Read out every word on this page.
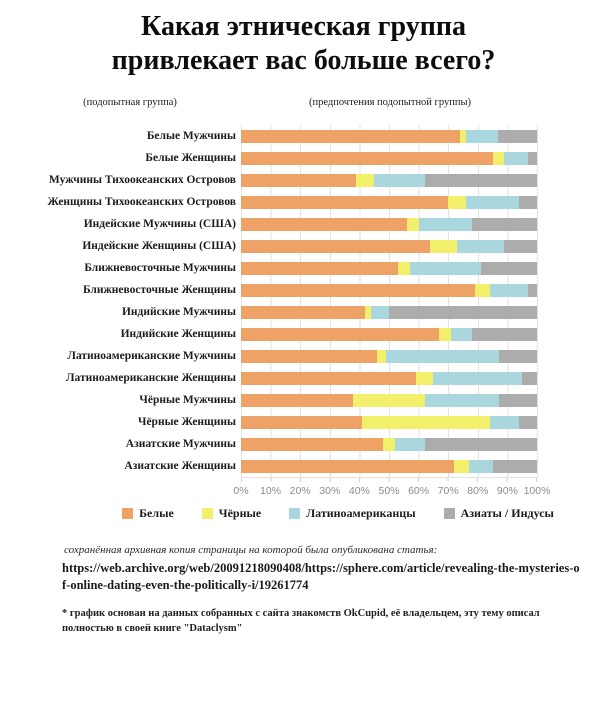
Какая этническая группа
привлекает вас больше всего?
(подопытная группа)	(предпочтения подопытной группы)
Белые Мужчины
Белые Женщины
Мужчины Тихоокеанских Островов
Женщины Тихоокеанских Островов
Индейские Мужчины (США)
Индейские Женщины (США)
Ближневосточные Мужчины
Ближневосточные Женщины
Индийские Мужчины
Индийские Женщины
Латиноамериканские Мужчины
Латиноамериканские Женщины
Чёрные Мужчины
Чёрные Женщины
Азиатские Мужчины
Азиатские Женщины
0% 10% 20% 30% 40% 50% 60% 70% 80% 90% 100%
Белые	Чёрные	Латиноамериканцы	Азиаты / Индусы
сохранённая архивная копия страницы на которой была опубликована статья:
https://web.archive.org/web/20091218090408/https://sphere.com/article/revealing-the-mysteries-of-online-dating-even-the-politically-i/19261774
* график основан на данных собранных с сайта знакомств OkCupid, её владельцем, эту тему описал полностью в своей книге "Dataclysm"
